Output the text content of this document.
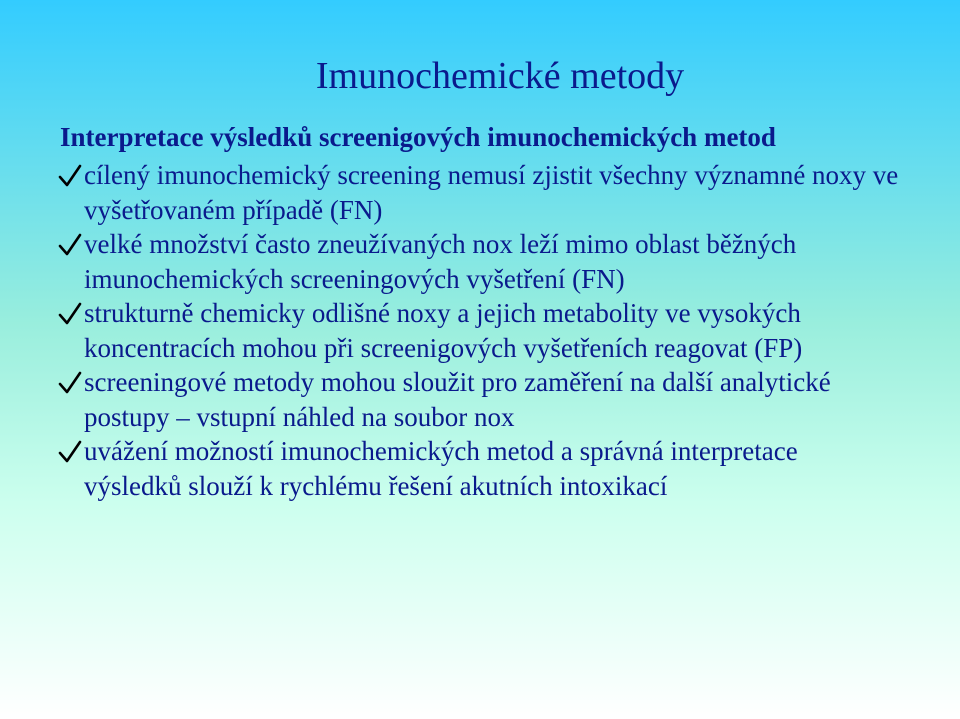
Imunochemické metody
Interpretace výsledků screenigových imunochemických metod
cílený imunochemický screening nemusí zjistit všechny významné noxy ve vyšetřovaném případě (FN)
velké množství často zneužívaných nox leží mimo oblast běžných imunochemických screeningových vyšetření (FN)
strukturně chemicky odlišné noxy a jejich metabolity ve vysokých koncentracích mohou při screenigových vyšetřeních reagovat (FP)
screeningové metody mohou sloužit pro zaměření na další analytické postupy – vstupní náhled na soubor nox
uvážení možností imunochemických metod a správná interpretace výsledků slouží k rychlému řešení akutních intoxikací
